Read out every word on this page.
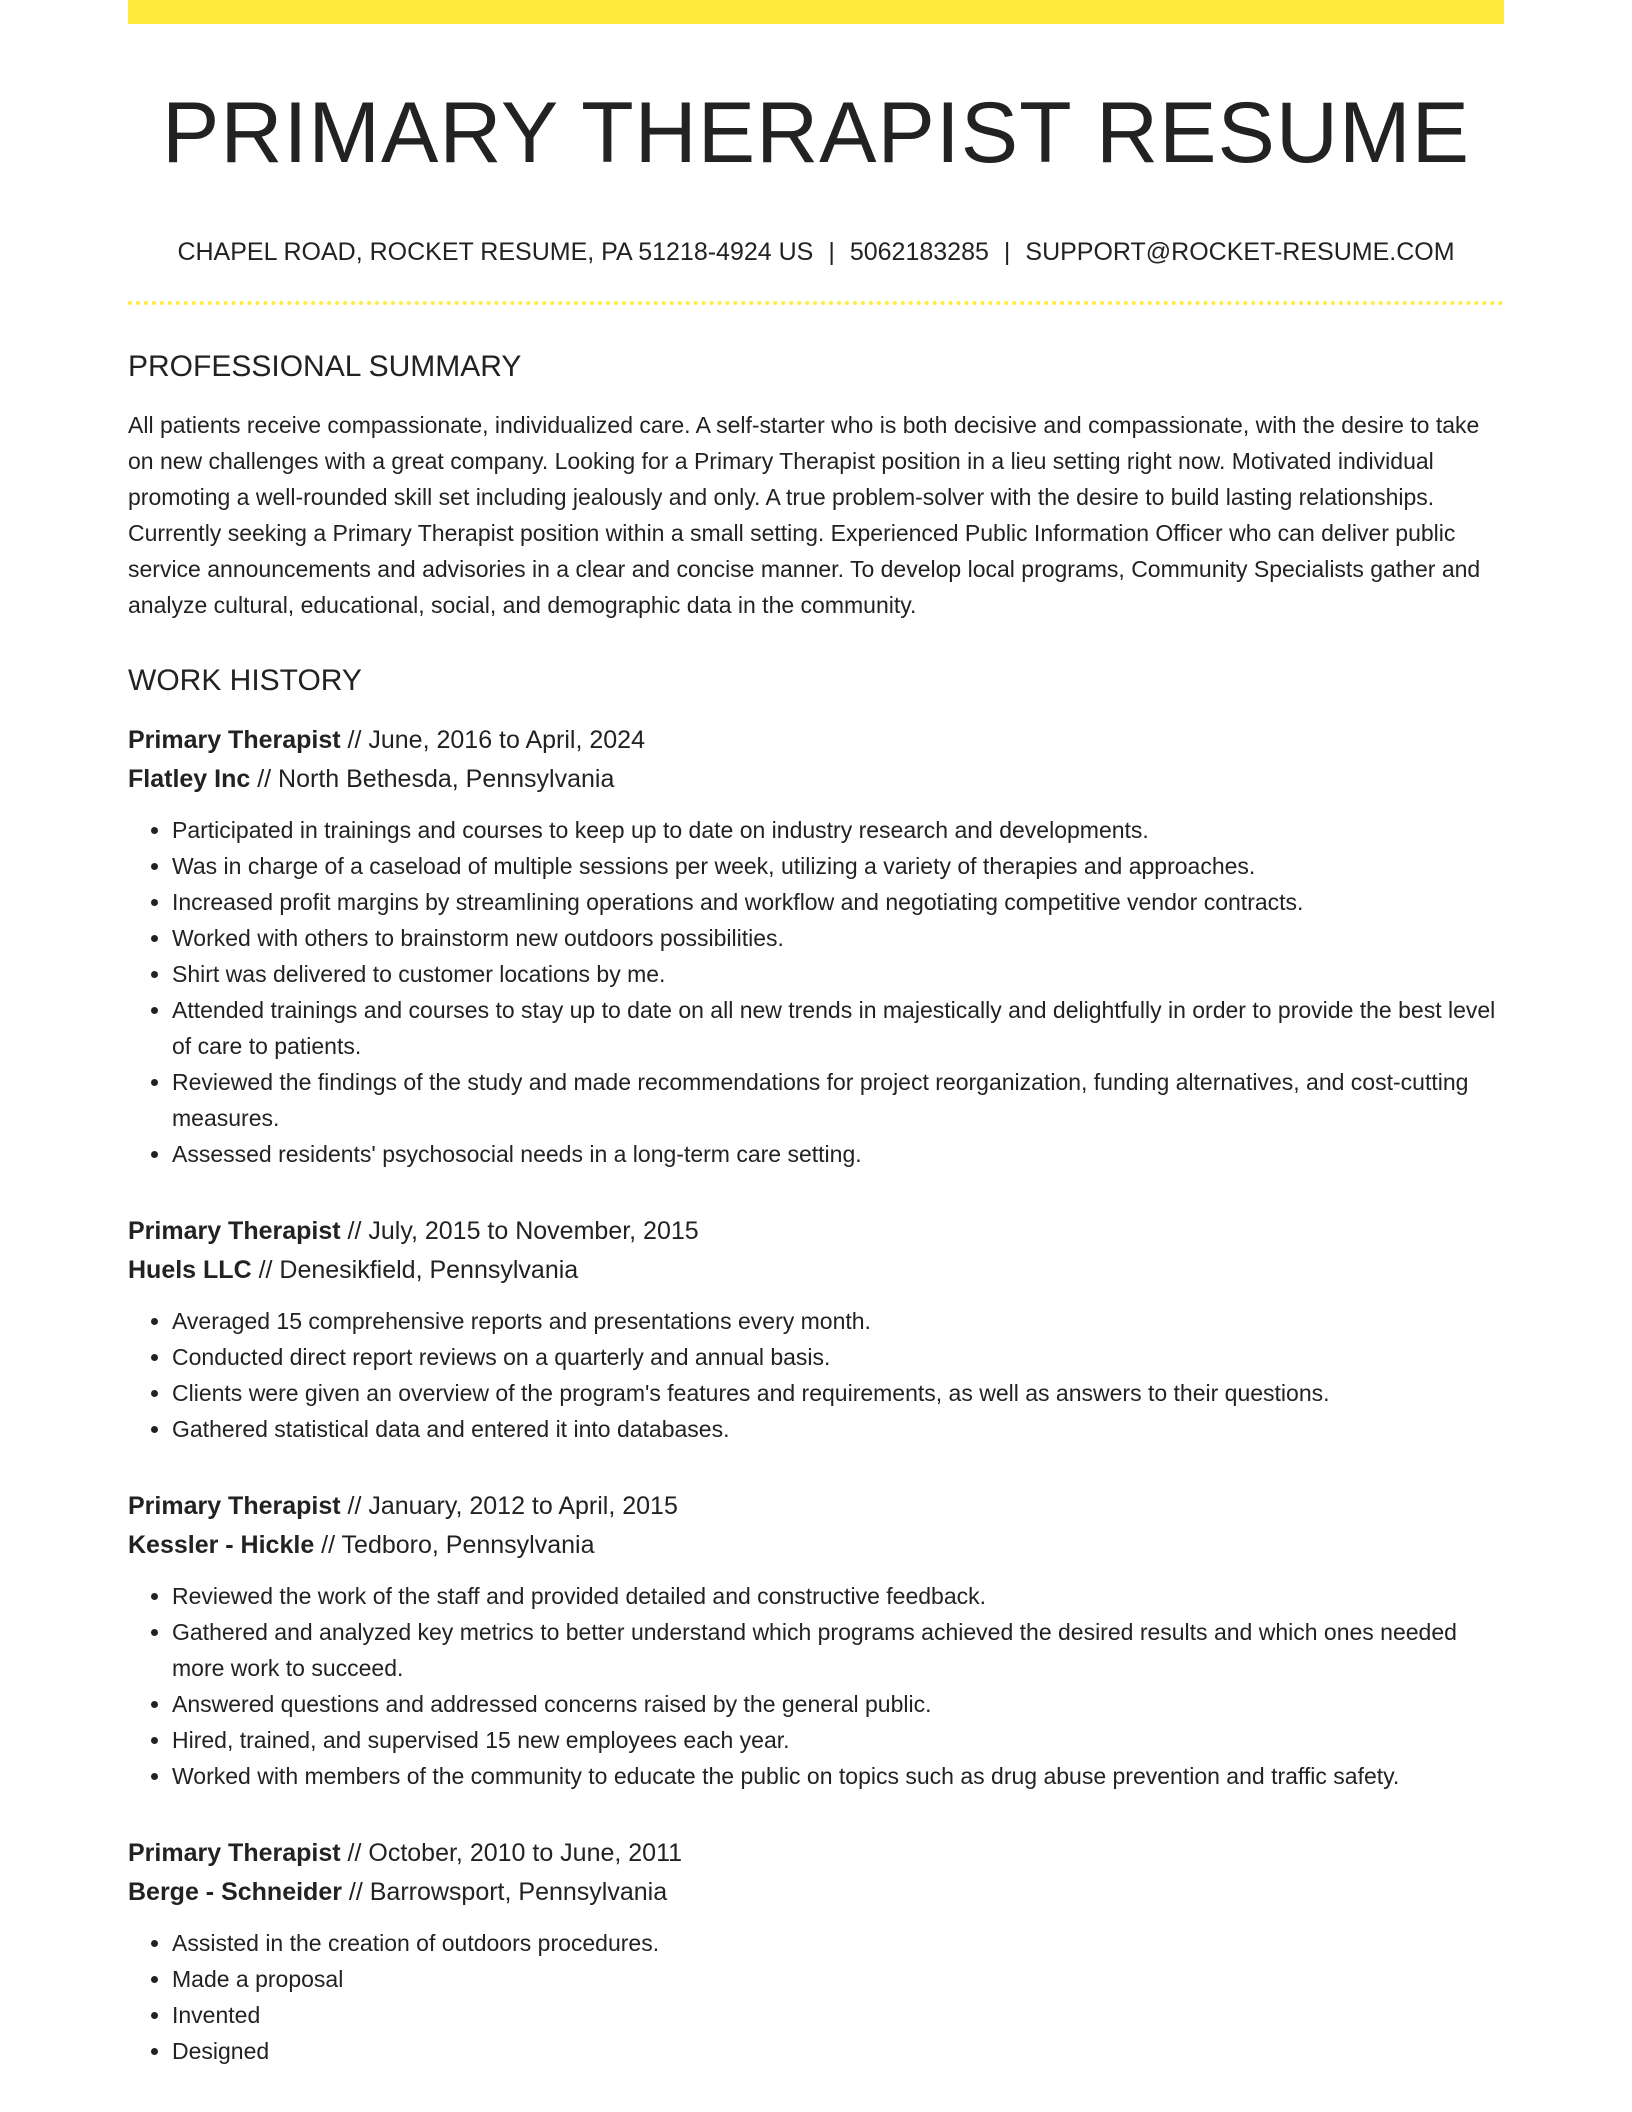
PRIMARY THERAPIST RESUME
CHAPEL ROAD, ROCKET RESUME, PA 51218-4924 US | 5062183285 | SUPPORT@ROCKET-RESUME.COM
PROFESSIONAL SUMMARY

All patients receive compassionate, individualized care. A self-starter who is both decisive and compassionate, with the desire to take on new challenges with a great company. Looking for a Primary Therapist position in a lieu setting right now. Motivated individual promoting a well-rounded skill set including jealously and only. A true problem-solver with the desire to build lasting relationships. Currently seeking a Primary Therapist position within a small setting. Experienced Public Information Officer who can deliver public service announcements and advisories in a clear and concise manner. To develop local programs, Community Specialists gather and analyze cultural, educational, social, and demographic data in the community.

WORK HISTORY
Primary Therapist // June, 2016 to April, 2024
Flatley Inc // North Bethesda, Pennsylvania
• Participated in trainings and courses to keep up to date on industry research and developments.
• Was in charge of a caseload of multiple sessions per week, utilizing a variety of therapies and approaches.
• Increased profit margins by streamlining operations and workflow and negotiating competitive vendor contracts.
• Worked with others to brainstorm new outdoors possibilities.
• Shirt was delivered to customer locations by me.
• Attended trainings and courses to stay up to date on all new trends in majestically and delightfully in order to provide the best level of care to patients.
• Reviewed the findings of the study and made recommendations for project reorganization, funding alternatives, and cost-cutting measures.
• Assessed residents' psychosocial needs in a long-term care setting.
Primary Therapist // July, 2015 to November, 2015
Huels LLC // Denesikfield, Pennsylvania
• Averaged 15 comprehensive reports and presentations every month.
• Conducted direct report reviews on a quarterly and annual basis.
• Clients were given an overview of the program's features and requirements, as well as answers to their questions.
• Gathered statistical data and entered it into databases.
Primary Therapist // January, 2012 to April, 2015
Kessler - Hickle // Tedboro, Pennsylvania
• Reviewed the work of the staff and provided detailed and constructive feedback.
• Gathered and analyzed key metrics to better understand which programs achieved the desired results and which ones needed more work to succeed.
• Answered questions and addressed concerns raised by the general public.
• Hired, trained, and supervised 15 new employees each year.
• Worked with members of the community to educate the public on topics such as drug abuse prevention and traffic safety.
Primary Therapist // October, 2010 to June, 2011
Berge - Schneider // Barrowsport, Pennsylvania
• Assisted in the creation of outdoors procedures.
• Made a proposal
• Invented
• Designed
